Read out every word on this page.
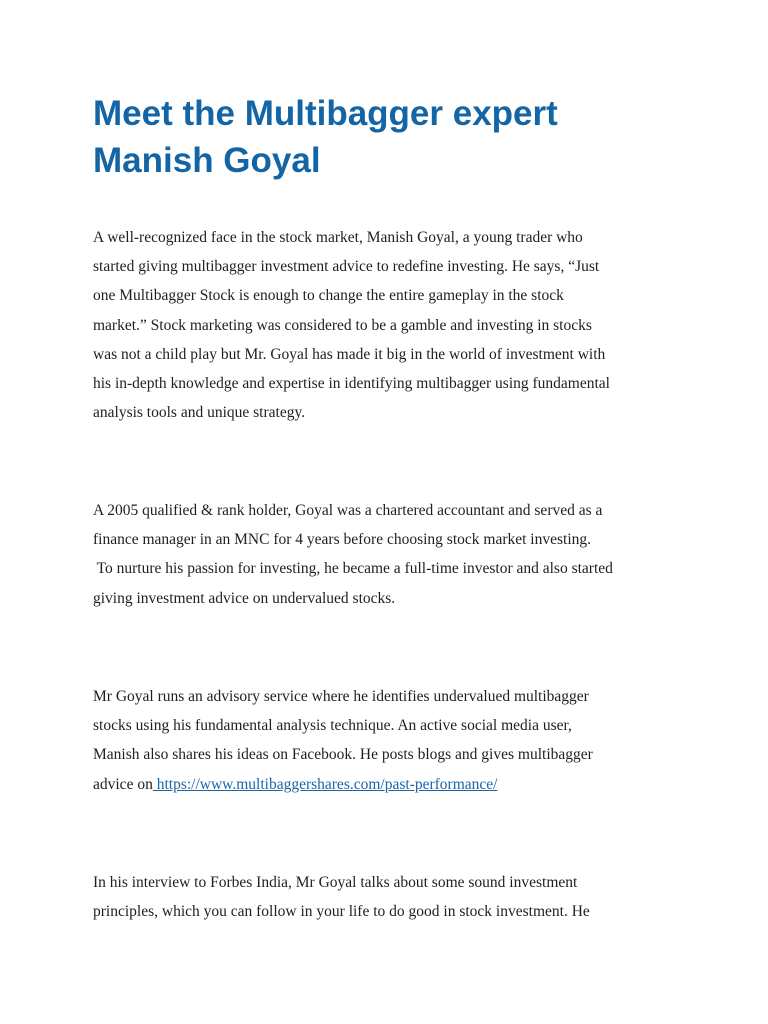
Meet the Multibagger expert
Manish Goyal

A well-recognized face in the stock market, Manish Goyal, a young trader who
started giving multibagger investment advice to redefine investing. He says, “Just
one Multibagger Stock is enough to change the entire gameplay in the stock
market.” Stock marketing was considered to be a gamble and investing in stocks
was not a child play but Mr. Goyal has made it big in the world of investment with
his in-depth knowledge and expertise in identifying multibagger using fundamental
analysis tools and unique strategy.

A 2005 qualified & rank holder, Goyal was a chartered accountant and served as a
finance manager in an MNC for 4 years before choosing stock market investing.
To nurture his passion for investing, he became a full-time investor and also started
giving investment advice on undervalued stocks.

Mr Goyal runs an advisory service where he identifies undervalued multibagger
stocks using his fundamental analysis technique. An active social media user,
Manish also shares his ideas on Facebook. He posts blogs and gives multibagger
advice on https://www.multibaggershares.com/past-performance/

In his interview to Forbes India, Mr Goyal talks about some sound investment
principles, which you can follow in your life to do good in stock investment. He
